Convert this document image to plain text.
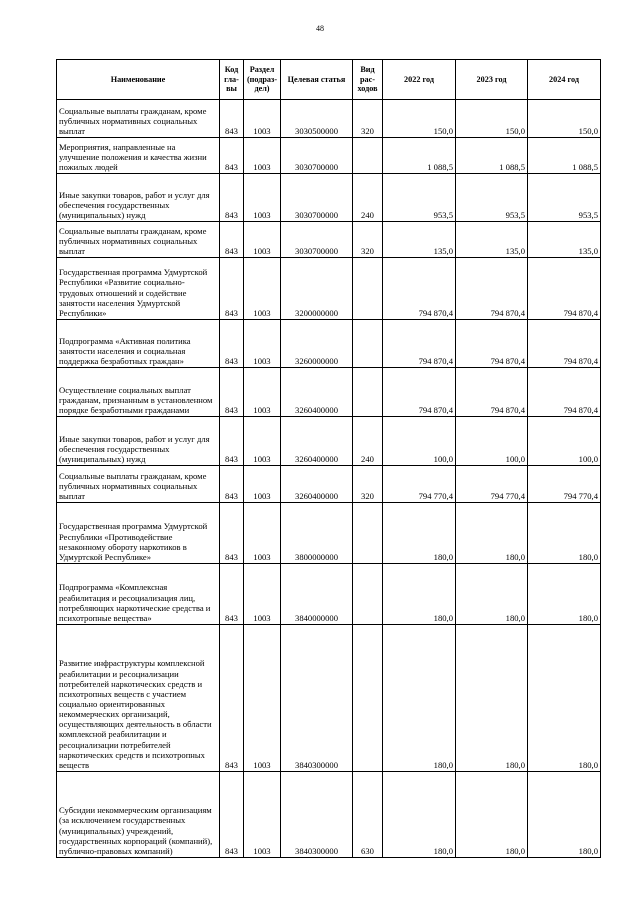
48
Наименование	Код гла-вы	Раздел (подраз-дел)	Целевая статья	Вид рас-ходов	2022 год	2023 год	2024 год
Социальные выплаты гражданам, кроме публичных нормативных социальных выплат	843	1003	3030500000	320	150,0	150,0	150,0
Мероприятия, направленные на улучшение положения и качества жизни пожилых людей	843	1003	3030700000		1 088,5	1 088,5	1 088,5
Иные закупки товаров, работ и услуг для обеспечения государственных (муниципальных) нужд	843	1003	3030700000	240	953,5	953,5	953,5
Социальные выплаты гражданам, кроме публичных нормативных социальных выплат	843	1003	3030700000	320	135,0	135,0	135,0
Государственная программа Удмуртской Республики «Развитие социально-трудовых отношений и содействие занятости населения Удмуртской Республики»	843	1003	3200000000		794 870,4	794 870,4	794 870,4
Подпрограмма «Активная политика занятости населения и социальная поддержка безработных граждан»	843	1003	3260000000		794 870,4	794 870,4	794 870,4
Осуществление социальных выплат гражданам, признанным в установленном порядке безработными гражданами	843	1003	3260400000		794 870,4	794 870,4	794 870,4
Иные закупки товаров, работ и услуг для обеспечения государственных (муниципальных) нужд	843	1003	3260400000	240	100,0	100,0	100,0
Социальные выплаты гражданам, кроме публичных нормативных социальных выплат	843	1003	3260400000	320	794 770,4	794 770,4	794 770,4
Государственная программа Удмуртской Республики «Противодействие незаконному обороту наркотиков в Удмуртской Республике»	843	1003	3800000000		180,0	180,0	180,0
Подпрограмма «Комплексная реабилитация и ресоциализация лиц, потребляющих наркотические средства и психотропные вещества»	843	1003	3840000000		180,0	180,0	180,0
Развитие инфраструктуры комплексной реабилитации и ресоциализации потребителей наркотических средств и психотропных веществ с участием социально ориентированных некоммерческих организаций, осуществляющих деятельность в области комплексной реабилитации и ресоциализации потребителей наркотических средств и психотропных веществ	843	1003	3840300000		180,0	180,0	180,0
Субсидии некоммерческим организациям (за исключением государственных (муниципальных) учреждений, государственных корпораций (компаний), публично-правовых компаний)	843	1003	3840300000	630	180,0	180,0	180,0
